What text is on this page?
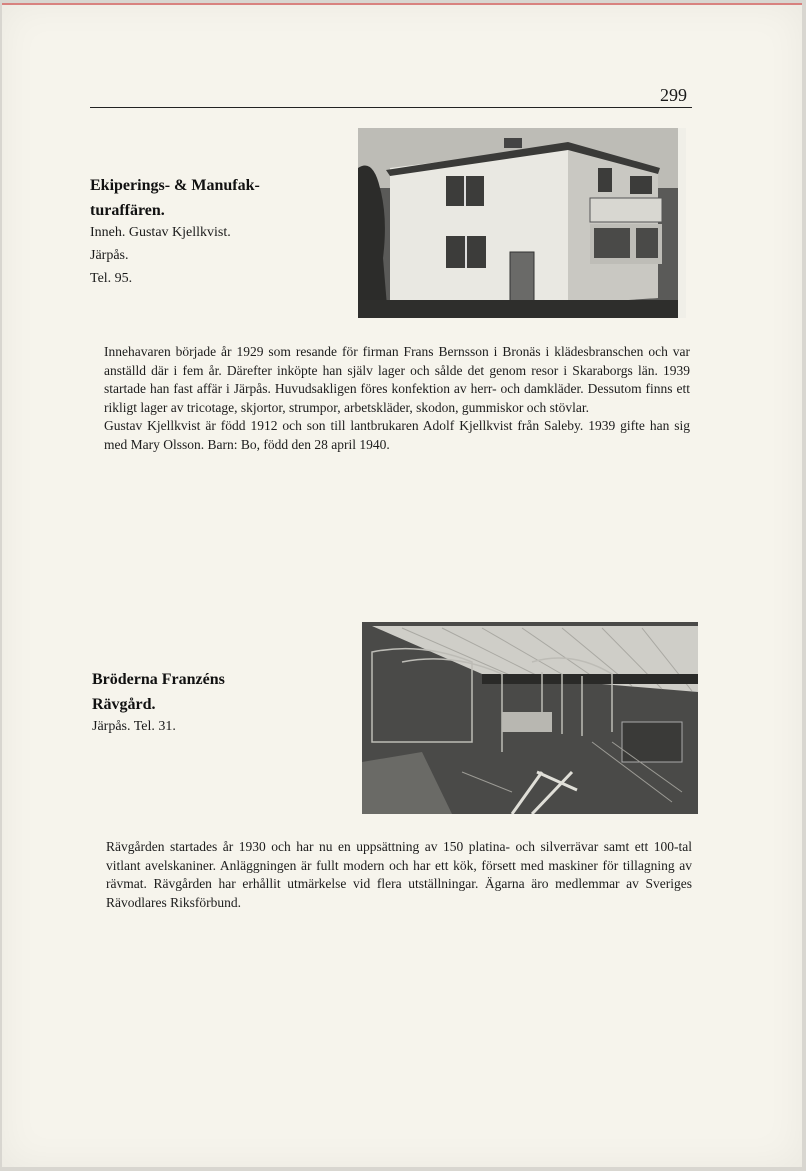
299
Ekiperings- & Manufak-
turaffären.
Inneh. Gustav Kjellkvist.
Järpås.
Tel. 95.

Innehavaren började år 1929 som resande för firman Frans Bernsson i Bronäs i klädesbranschen och var anställd där i fem år. Därefter inköpte han själv lager och sålde det genom resor i Skaraborgs län. 1939 startade han fast affär i Järpås. Huvudsakligen föres konfektion av herr- och damkläder. Dessutom finns ett rikligt lager av tricotage, skjortor, strumpor, arbetskläder, skodon, gummiskor och stövlar.

Gustav Kjellkvist är född 1912 och son till lantbrukaren Adolf Kjellkvist från Saleby. 1939 gifte han sig med Mary Olsson. Barn: Bo, född den 28 april 1940.

Bröderna Franzéns
Rävgård.
Järpås. Tel. 31.

Rävgården startades år 1930 och har nu en uppsättning av 150 platina- och silverrävar samt ett 100-tal vitlant avelskaniner. Anläggningen är fullt modern och har ett kök, försett med maskiner för tillagning av rävmat. Rävgården har erhållit utmärkelse vid flera utställningar. Ägarna äro medlemmar av Sveriges Rävodlares Riksförbund.
